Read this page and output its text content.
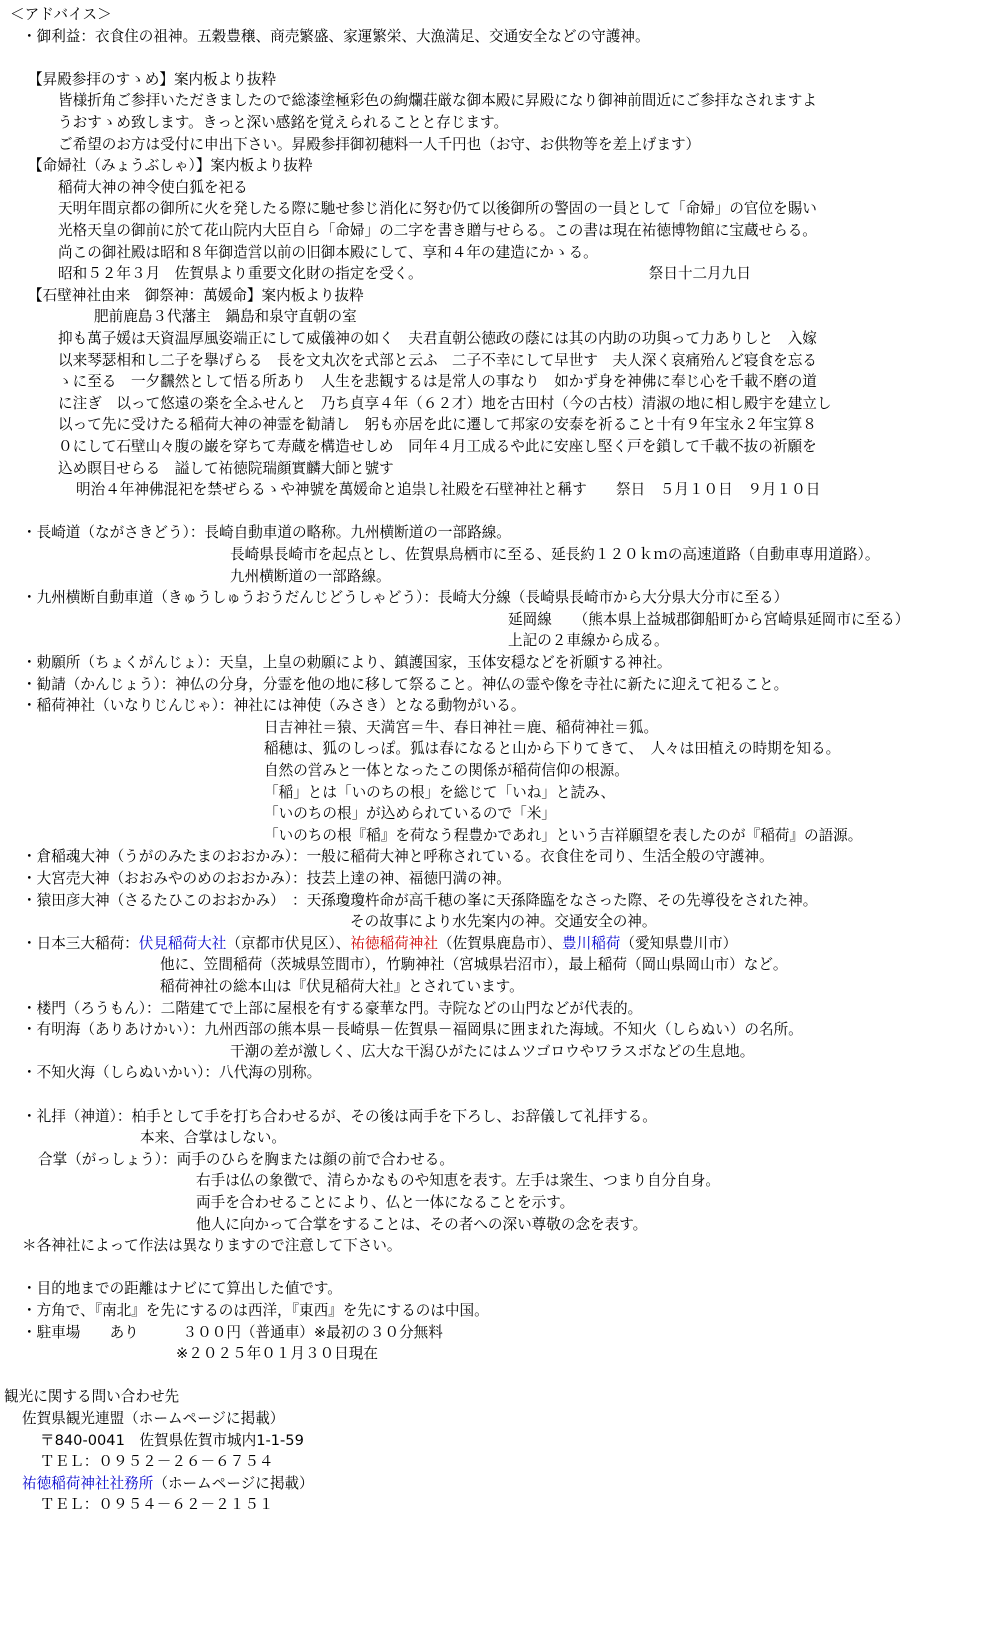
＜アドバイス＞
・御利益：衣食住の祖神。五穀豊穣、商売繁盛、家運繁栄、大漁満足、交通安全などの守護神。
【昇殿参拝のすゝめ】案内板より抜粋
皆様折角ご参拝いただきましたので総漆塗極彩色の絢爛荘厳な御本殿に昇殿になり御神前間近にご参拝なされますよ
うおすゝめ致します。きっと深い感銘を覚えられることと存じます。
ご希望のお方は受付に申出下さい。昇殿参拝御初穂料一人千円也（お守、お供物等を差上げます）
【命婦社（みょうぶしゃ）】案内板より抜粋
稲荷大神の神令使白狐を祀る
天明年間京都の御所に火を発したる際に馳せ参じ消化に努む仍て以後御所の警固の一員として「命婦」の官位を賜い
光格天皇の御前に於て花山院内大臣自ら「命婦」の二字を書き贈与せらる。この書は現在祐徳博物館に宝蔵せらる。
尚この御社殿は昭和８年御造営以前の旧御本殿にして、享和４年の建造にかゝる。
昭和５２年３月　佐賀県より重要文化財の指定を受く。　　　　　　　　　　　　　　　　祭日十二月九日
【石壁神社由来　御祭神：萬媛命】案内板より抜粋
肥前鹿島３代藩主　鍋島和泉守直朝の室
抑も萬子媛は天資温厚風姿端正にして威儀神の如く　夫君直朝公徳政の蔭には其の内助の功與って力ありしと　入嫁
以来琴瑟相和し二子を擧げらる　長を文丸次を式部と云ふ　二子不幸にして早世す　夫人深く哀痛殆んど寝食を忘る
ゝに至る　一夕飜然として悟る所あり　人生を悲観するは是常人の事なり　如かず身を神佛に奉じ心を千載不磨の道
に注ぎ　以って悠遠の楽を全ふせんと　乃ち貞享４年（６２才）地を古田村（今の古枝）清淑の地に相し殿宇を建立し
以って先に受けたる稲荷大神の神霊を勧請し　躬も亦居を此に遷して邦家の安泰を祈ること十有９年宝永２年宝算８
０にして石壁山々腹の巌を穿ちて寿蔵を構造せしめ　同年４月工成るや此に安座し堅く戸を鎖して千載不抜の祈願を
込め瞑目せらる　謚して祐徳院瑞顔實麟大師と號す
明治４年神佛混祀を禁ぜらるゝや神號を萬媛命と追祟し社殿を石壁神社と稱す　　祭日　５月１０日　９月１０日
・長崎道（ながさきどう）：長崎自動車道の略称。九州横断道の一部路線。
長崎県長崎市を起点とし、佐賀県鳥栖市に至る、延長約１２０ｋｍの高速道路（自動車専用道路）。
九州横断道の一部路線。
・九州横断自動車道（きゅうしゅうおうだんじどうしゃどう）：長崎大分線（長崎県長崎市から大分県大分市に至る）
延岡線　　（熊本県上益城郡御船町から宮崎県延岡市に至る）
上記の２車線から成る。
・勅願所（ちょくがんじょ）：天皇，上皇の勅願により、鎮護国家，玉体安穏などを祈願する神社。
・勧請（かんじょう）：神仏の分身，分霊を他の地に移して祭ること。神仏の霊や像を寺社に新たに迎えて祀ること。
・稲荷神社（いなりじんじゃ）：神社には神使（みさき）となる動物がいる。
日吉神社＝猿、天満宮＝牛、春日神社＝鹿、稲荷神社＝狐。
稲穂は、狐のしっぽ。狐は春になると山から下りてきて、　人々は田植えの時期を知る。
自然の営みと一体となったこの関係が稲荷信仰の根源。
「稲」とは「いのちの根」を総じて「いね」と読み、
「いのちの根」が込められているので「米」
「いのちの根『稲』を荷なう程豊かであれ」という吉祥願望を表したのが『稲荷』の語源。
・倉稲魂大神（うがのみたまのおおかみ）：一般に稲荷大神と呼称されている。衣食住を司り、生活全般の守護神。
・大宮売大神（おおみやのめのおおかみ）：技芸上達の神、福徳円満の神。
・猿田彦大神（さるたひこのおおかみ）　：天孫瓊瓊杵命が高千穂の峯に天孫降臨をなさった際、その先導役をされた神。
その故事により水先案内の神。交通安全の神。
・日本三大稲荷：伏見稲荷大社（京都市伏見区）、祐徳稲荷神社（佐賀県鹿島市）、豊川稲荷（愛知県豊川市）
他に、笠間稲荷（茨城県笠間市），竹駒神社（宮城県岩沼市），最上稲荷（岡山県岡山市）など。
稲荷神社の総本山は『伏見稲荷大社』とされています。
・楼門（ろうもん）：二階建てで上部に屋根を有する豪華な門。寺院などの山門などが代表的。
・有明海（ありあけかい）：九州西部の熊本県－長崎県－佐賀県－福岡県に囲まれた海域。不知火（しらぬい）の名所。
干潮の差が激しく、広大な干潟ひがたにはムツゴロウやワラスボなどの生息地。
・不知火海（しらぬいかい）：八代海の別称。
・礼拝（神道）：柏手として手を打ち合わせるが、その後は両手を下ろし、お辞儀して礼拝する。
本来、合掌はしない。
合掌（がっしょう）：両手のひらを胸または顔の前で合わせる。
右手は仏の象徴で、清らかなものや知恵を表す。左手は衆生、つまり自分自身。
両手を合わせることにより、仏と一体になることを示す。
他人に向かって合掌をすることは、その者への深い尊敬の念を表す。
＊各神社によって作法は異なりますので注意して下さい。
・目的地までの距離はナビにて算出した値です。
・方角で、『南北』を先にするのは西洋，『東西』を先にするのは中国。
・駐車場　　あり　　　３００円（普通車）※最初の３０分無料
※２０２５年０１月３０日現在
観光に関する問い合わせ先
佐賀県観光連盟（ホームページに掲載）
〒840-0041　佐賀県佐賀市城内1-1-59
ＴＥＬ：０９５２－２６－６７５４
祐徳稲荷神社社務所（ホームページに掲載）
ＴＥＬ：０９５４－６２－２１５１
